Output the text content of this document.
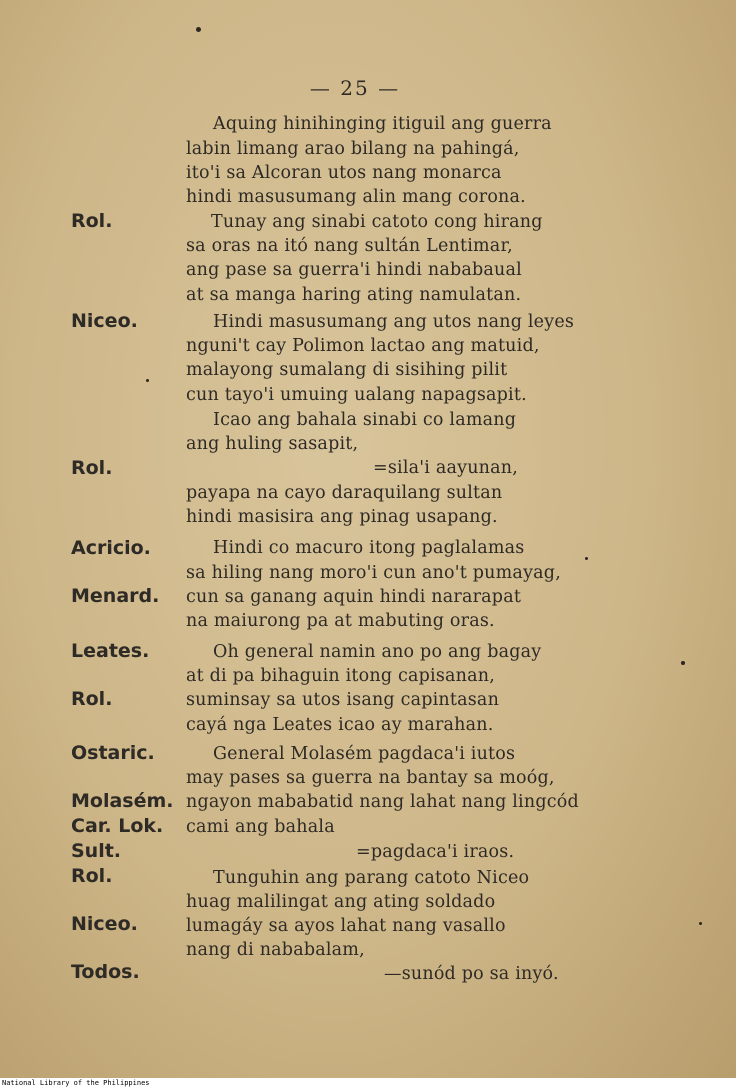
— 25 —
Rol.
Niceo.
Rol.
Acricio.
Menard.
Leates.
Rol.
Ostaric.
Molasém.
Car. Lok.
Sult.
Rol.
Niceo.
Todos.
Aquing hinihinging itiguil ang guerra
labin limang arao bilang na pahingá,
ito'i sa Alcoran utos nang monarca
hindi masusumang alin mang corona.
Tunay ang sinabi catoto cong hirang
sa oras na itó nang sultán Lentimar,
ang pase sa guerra'i hindi nababaual
at sa manga haring ating namulatan.
Hindi masusumang ang utos nang leyes
nguni't cay Polimon lactao ang matuid,
malayong sumalang di sisihing pilit
cun tayo'i umuing ualang napagsapit.
Icao ang bahala sinabi co lamang
ang huling sasapit,
=sila'i aayunan,
payapa na cayo daraquilang sultan
hindi masisira ang pinag usapang.
Hindi co macuro itong paglalamas
sa hiling nang moro'i cun ano't pumayag,
cun sa ganang aquin hindi nararapat
na maiurong pa at mabuting oras.
Oh general namin ano po ang bagay
at di pa bihaguin itong capisanan,
suminsay sa utos isang capintasan
cayá nga Leates icao ay marahan.
General Molasém pagdaca'i iutos
may pases sa guerra na bantay sa moóg,
ngayon mababatid nang lahat nang lingcód
cami ang bahala
=pagdaca'i iraos.
Tunguhin ang parang catoto Niceo
huag malilingat ang ating soldado
lumagáy sa ayos lahat nang vasallo
nang di nababalam,
—sunód po sa inyó.
National Library of the Philippines
